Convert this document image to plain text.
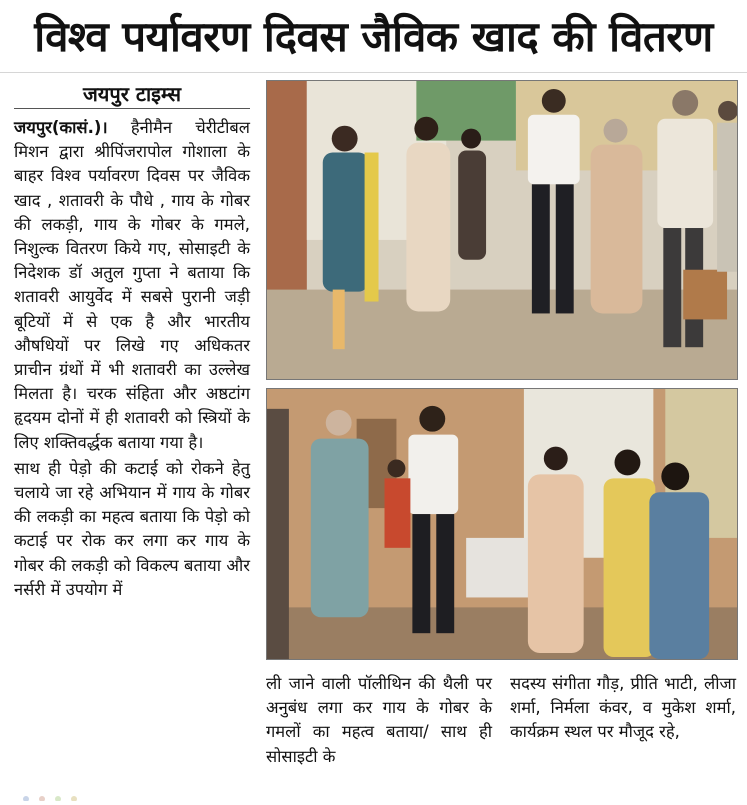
विश्व पर्यावरण दिवस जैविक खाद की वितरण
जयपुर टाइम्स

जयपुर(कासं.)। हैनीमैन चेरीटीबल मिशन द्वारा श्रीपिंजरापोल गोशाला के बाहर विश्व पर्यावरण दिवस पर जैविक खाद , शतावरी के पौधे , गाय के गोबर की लकड़ी, गाय के गोबर के गमले, निशुल्क वितरण किये गए, सोसाइटी के निदेशक डॉ अतुल गुप्ता ने बताया कि शतावरी आयुर्वेद में सबसे पुरानी जड़ी बूटियों में से एक है और भारतीय औषधियों पर लिखे गए अधिकतर प्राचीन ग्रंथों में भी शतावरी का उल्लेख मिलता है। चरक संहिता और अष्ठटांग हृदयम दोनों में ही शतावरी को स्त्रियों के लिए शक्तिवर्द्धक बताया गया है।

साथ ही पेड़ो की कटाई को रोकने हेतु चलाये जा रहे अभियान में गाय के गोबर की लकड़ी का महत्व बताया कि पेड़ो को कटाई पर रोक कर लगा कर गाय के गोबर की लकड़ी को विकल्प बताया और नर्सरी में उपयोग में

ली जाने वाली पॉलीथिन की थैली पर अनुबंध लगा कर गाय के गोबर के गमलों का महत्व बताया/ साथ ही सोसाइटी के

सदस्य संगीता गौड़, प्रीति भाटी, लीजा शर्मा, निर्मला कंवर, व मुकेश शर्मा, कार्यक्रम स्थल पर मौजूद रहे,
